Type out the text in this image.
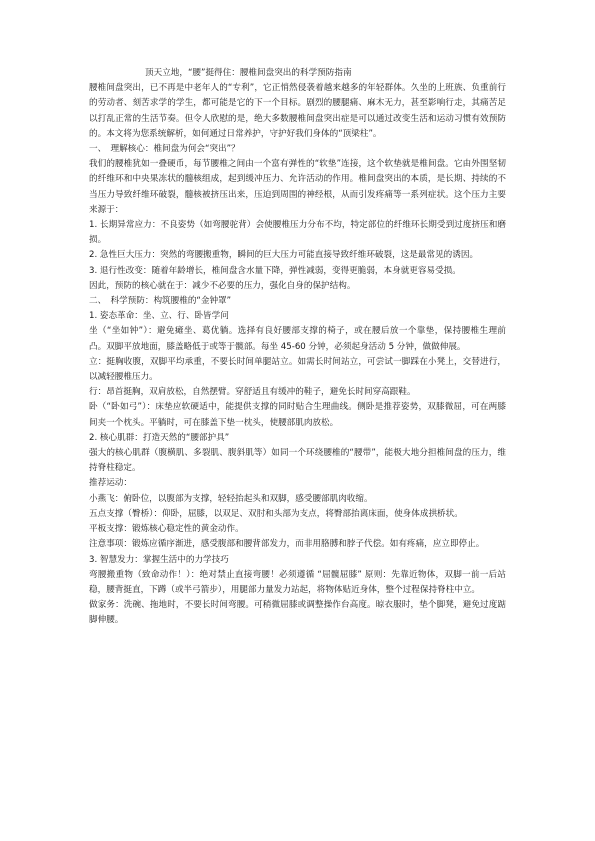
顶天立地，“腰”挺得住：腰椎间盘突出的科学预防指南

腰椎间盘突出，已不再是中老年人的“专利”，它正悄然侵袭着越来越多的年轻群体。久坐的上班族、负重前行的劳动者、刻苦求学的学生，都可能是它的下一个目标。剧烈的腰腿痛、麻木无力，甚至影响行走，其痛苦足以打乱正常的生活节奏。但令人欣慰的是，绝大多数腰椎间盘突出症是可以通过改变生活和运动习惯有效预防的。本文将为您系统解析，如何通过日常养护，守护好我们身体的“顶梁柱”。

一、　理解核心：椎间盘为何会“突出”？

我们的腰椎犹如一叠硬币，每节腰椎之间由一个富有弹性的“软垫”连接，这个软垫就是椎间盘。它由外围坚韧的纤维环和中央果冻状的髓核组成，起到缓冲压力、允许活动的作用。椎间盘突出的本质，是长期、持续的不当压力导致纤维环破裂，髓核被挤压出来，压迫到周围的神经根，从而引发疼痛等一系列症状。这个压力主要来源于：

1. 长期异常应力：不良姿势（如弯腰驼背）会使腰椎压力分布不均，特定部位的纤维环长期受到过度挤压和磨损。

2. 急性巨大压力：突然的弯腰搬重物，瞬间的巨大压力可能直接导致纤维环破裂，这是最常见的诱因。

3. 退行性改变：随着年龄增长，椎间盘含水量下降，弹性减弱，变得更脆弱，本身就更容易受损。

因此，预防的核心就在于：减少不必要的压力，强化自身的保护结构。

二、　科学预防：构筑腰椎的“金钟罩”

1. 姿态革命：坐、立、行、卧皆学问

坐（“坐如钟”）：避免瘫坐、葛优躺。选择有良好腰部支撑的椅子，或在腰后放一个靠垫，保持腰椎生理前凸。双脚平放地面，膝盖略低于或等于髋部。每坐 45-60 分钟，必须起身活动 5 分钟，做做伸展。

立：挺胸收腹，双脚平均承重，不要长时间单腿站立。如需长时间站立，可尝试一脚踩在小凳上，交替进行，以减轻腰椎压力。

行：昂首挺胸，双肩放松，自然摆臂。穿舒适且有缓冲的鞋子，避免长时间穿高跟鞋。

卧（“卧如弓”）：床垫应软硬适中，能提供支撑的同时贴合生理曲线。侧卧是推荐姿势，双膝微屈，可在两膝间夹一个枕头。平躺时，可在膝盖下垫一枕头，使腰部肌肉放松。

2. 核心肌群：打造天然的“腰部护具”

强大的核心肌群（腹横肌、多裂肌、腹斜肌等）如同一个环绕腰椎的“腰带”，能极大地分担椎间盘的压力，维持脊柱稳定。

推荐运动：

小燕飞：俯卧位，以腹部为支撑，轻轻抬起头和双脚，感受腰部肌肉收缩。

五点支撑（臀桥）：仰卧，屈膝，以双足、双肘和头部为支点，将臀部抬离床面，使身体成拱桥状。

平板支撑：锻炼核心稳定性的黄金动作。

注意事项：锻炼应循序渐进，感受腹部和腰背部发力，而非用胳膊和脖子代偿。如有疼痛，应立即停止。

3. 智慧发力：掌握生活中的力学技巧

弯腰搬重物（致命动作！）：绝对禁止直接弯腰！必须遵循 “屈髋屈膝” 原则：先靠近物体，双脚一前一后站稳，腰背挺直，下蹲（或半弓箭步），用腿部力量发力站起，将物体贴近身体，整个过程保持脊柱中立。

做家务：洗碗、拖地时，不要长时间弯腰。可稍微屈膝或调整操作台高度。晾衣服时，垫个脚凳，避免过度踮脚伸腰。
